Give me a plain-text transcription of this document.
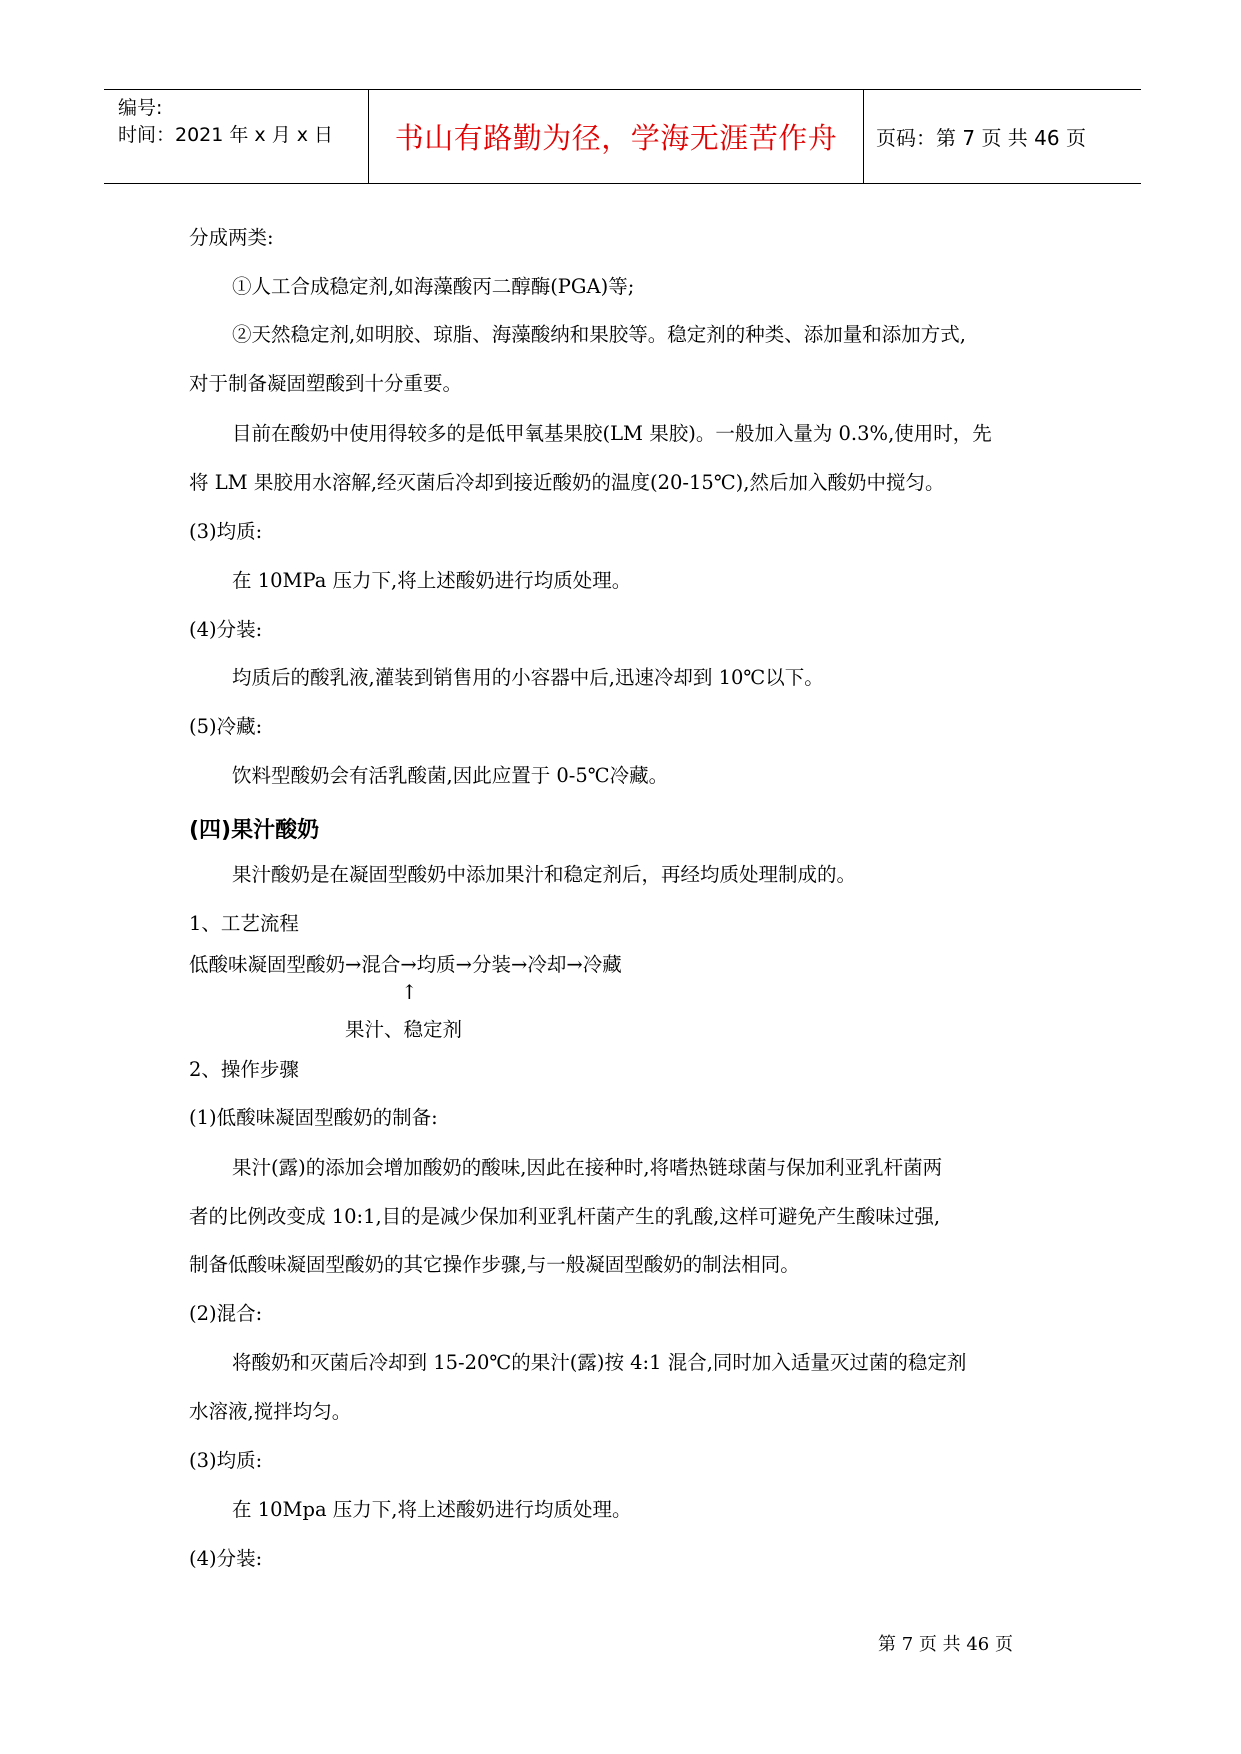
编号:
时间：2021 年 x 月 x 日	书山有路勤为径，学海无涯苦作舟	页码：第 7 页 共 46 页
分成两类:
①人工合成稳定剂,如海藻酸丙二醇酶(PGA)等;
②天然稳定剂,如明胶、琼脂、海藻酸纳和果胶等。稳定剂的种类、添加量和添加方式,
对于制备凝固塑酸到十分重要。
目前在酸奶中使用得较多的是低甲氧基果胶(LM 果胶)。一般加入量为 0.3%,使用时，先
将 LM 果胶用水溶解,经灭菌后冷却到接近酸奶的温度(20-15℃),然后加入酸奶中搅匀。
(3)均质:
在 10MPa 压力下,将上述酸奶进行均质处理。
(4)分装:
均质后的酸乳液,灌装到销售用的小容器中后,迅速冷却到 10℃以下。
(5)冷藏:
饮料型酸奶会有活乳酸菌,因此应置于 0-5℃冷藏。
(四)果汁酸奶
果汁酸奶是在凝固型酸奶中添加果汁和稳定剂后，再经均质处理制成的。
1、工艺流程
低酸味凝固型酸奶→混合→均质→分装→冷却→冷藏
↑
果汁、稳定剂
2、操作步骤
(1)低酸味凝固型酸奶的制备:
果汁(露)的添加会增加酸奶的酸味,因此在接种时,将嗜热链球菌与保加利亚乳杆菌两
者的比例改变成 10:1,目的是减少保加利亚乳杆菌产生的乳酸,这样可避免产生酸味过强,
制备低酸味凝固型酸奶的其它操作步骤,与一般凝固型酸奶的制法相同。
(2)混合:
将酸奶和灭菌后冷却到 15-20℃的果汁(露)按 4:1 混合,同时加入适量灭过菌的稳定剂
水溶液,搅拌均匀。
(3)均质:
在 10Mpa 压力下,将上述酸奶进行均质处理。
(4)分装:
第 7 页 共 46 页
